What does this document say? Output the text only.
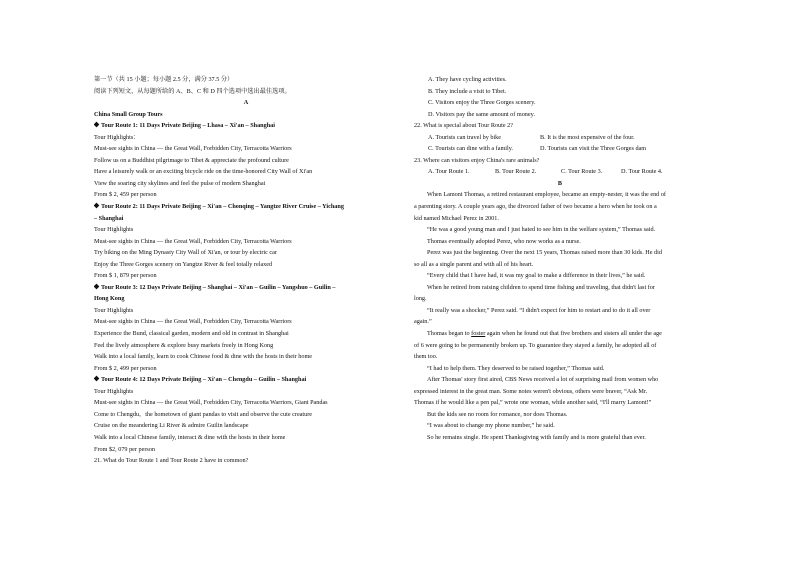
第一节（共 15 小题；每小题 2.5 分，满分 37.5 分）
阅读下列短文，从每题所给的 A、B、C 和 D 四个选项中选出最佳选项。
A
China Small Group Tours
Tour Route 1: 11 Days Private Beijing – Lhasa – Xi'an – Shanghai
Tour Highlights：
Must-see sights in China — the Great Wall, Forbidden City, Terracotta Warriors
Follow us on a Buddhist pilgrimage to Tibet & appreciate the profound culture
Have a leisurely walk or an exciting bicycle ride on the time-honored City Wall of Xi'an
View the soaring city skylines and feel the pulse of modern Shanghai
From $ 2, 459 per person
Tour Route 2: 11 Days Private Beijing – Xi'an – Chonqing – Yangtze River Cruise – Yichang
– Shanghai
Tour Highlights
Must-see sights in China — the Great Wall, Forbidden City, Terracotta Warriors
Try biking on the Ming Dynasty City Wall of Xi'an, or tour by electric car
Enjoy the Three Gorges scenery on Yangtze River & feel totally relaxed
From $ 1, 879 per person
Tour Route 3: 12 Days Private Beijing – Shanghai – Xi'an – Guilin – Yangshuo – Guilin –
Hong Kong
Tour Highlights
Must-see sights in China — the Great Wall, Forbidden City, Terracotta Warriors
Experience the Bund, classical garden, modern and old in contrast in Shanghai
Feel the lively atmosphere & explore busy markets freely in Hong Kong
Walk into a local family, learn to cook Chinese food & dine with the hosts in their home
From $ 2, 499 per person
Tour Route 4: 12 Days Private Beijing – Xi'an – Chengdu – Guilin – Shanghai
Tour Highlights
Must-see sights in China — the Great Wall, Forbidden City, Terracotta Warriors, Giant Pandas
Come to Chengdu，the hometown of giant pandas to visit and observe the cute creature
Cruise on the meandering Li River & admire Guilin landscape
Walk into a local Chinese family, interact & dine with the hosts in their home
From $2, 079 per person
21. What do Tour Route 1 and Tour Route 2 have in common?
A. They have cycling activities.
B. They include a visit to Tibet.
C. Visitors enjoy the Three Gorges scenery.
D. Visitors pay the same amount of money.
22. What is special about Tour Route 2?
A. Tourists can travel by bike	B. It is the most expensive of the four.
C. Tourists can dine with a family.	D. Tourists can visit the Three Gorges dam
23. Where can visitors enjoy China's rare animals?
A. Tour Route 1.	B. Tour Route 2.	C. Tour Route 3.	D. Tour Route 4.
B
When Lamont Thomas, a retired restaurant employee, became an empty-nester, it was the end of
a parenting story. A couple years ago, the divorced father of two became a hero when he took on a
kid named Michael Perez in 2001.
“He was a good young man and I just hated to see him in the welfare system,” Thomas said.
Thomas eventually adopted Perez, who now works as a nurse.
Perez was just the beginning. Over the next 15 years, Thomas raised more than 30 kids. He did
so all as a single parent and with all of his heart.
“Every child that I have had, it was my goal to make a difference in their lives,” he said.
When he retired from raising children to spend time fishing and traveling, that didn't last for
long.
“It really was a shocker,” Perez said. “I didn't expect for him to restart and to do it all over
again.”
Thomas began to foster again when he found out that five brothers and sisters all under the age
of 6 were going to be permanently broken up. To guarantee they stayed a family, he adopted all of
them too.
“I had to help them. They deserved to be raised together,” Thomas said.
After Thomas' story first aired, CBS News received a lot of surprising mail from women who
expressed interest in the great man. Some notes weren't obvious, others were braver, “Ask Mr.
Thomas if he would like a pen pal,” wrote one woman, while another said, “I'll marry Lamont!”
But the kids see no room for romance, nor does Thomas.
“I was about to change my phone number,” he said.
So he remains single. He spent Thanksgiving with family and is more grateful than ever.
